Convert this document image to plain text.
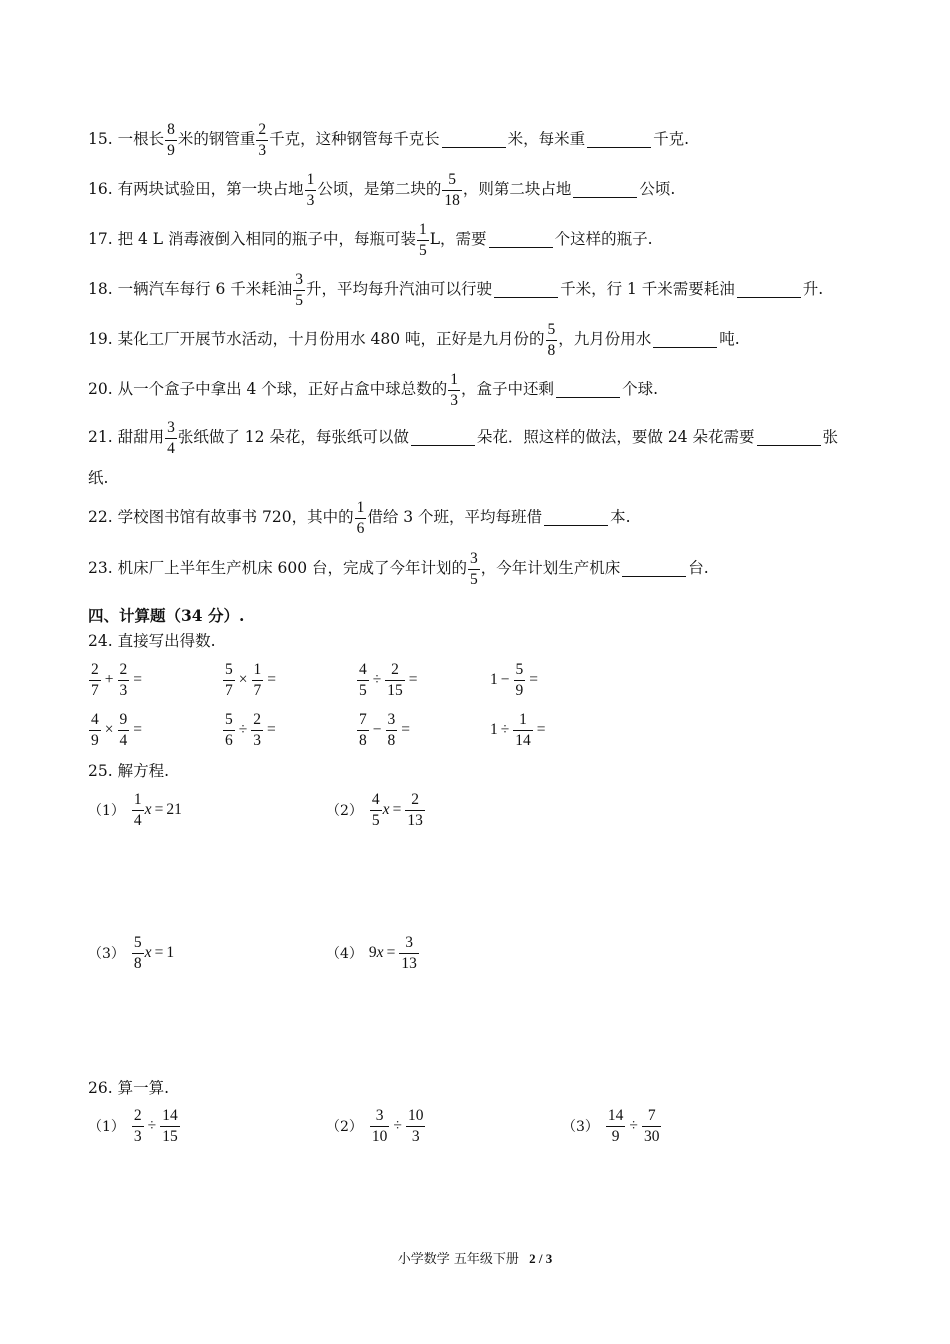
15. 一根长 $\frac{8}{9}$ 米的钢管重 $\frac{2}{3}$ 千克，这种钢管每千克长	米，每米重	千克.
16. 有两块试验田，第一块占地 $\frac{1}{3}$ 公顷，是第二块的 $\frac{5}{18}$ ，则第二块占地	公顷.
17. 把 4 L 消毒液倒入相同的瓶子中，每瓶可装 $\frac{1}{5}$ L，需要	个这样的瓶子.
18. 一辆汽车每行 6 千米耗油 $\frac{3}{5}$ 升，平均每升汽油可以行驶	千米，行 1 千米需要耗油	升.
19. 某化工厂开展节水活动，十月份用水 480 吨，正好是九月份的 $\frac{5}{8}$ ，九月份用水	吨.
20. 从一个盒子中拿出 4 个球，正好占盒中球总数的 $\frac{1}{3}$ ，盒子中还剩	个球.
21. 甜甜用 $\frac{3}{4}$ 张纸做了 12 朵花，每张纸可以做	朵花．照这样的做法，要做 24 朵花需要	张
纸.
22. 学校图书馆有故事书 720，其中的 $\frac{1}{6}$ 借给 3 个班，平均每班借	本.
23. 机床厂上半年生产机床 600 台，完成了今年计划的 $\frac{3}{5}$ ，今年计划生产机床	台.
四、计算题（34 分）.
24. 直接写出得数.
$\frac{2}{7} + \frac{2}{3}$ =	$\frac{5}{7} \times \frac{1}{7}$ =	$\frac{4}{5} \div \frac{2}{15}$ =	$1 - \frac{5}{9}$ =
$\frac{4}{9} \times \frac{9}{4}$ =	$\frac{5}{6} \div \frac{2}{3}$ =	$\frac{7}{8} - \frac{3}{8}$ =	$1 \div \frac{1}{14}$ =
25. 解方程.
$(1) \frac{1}{4}$ x = 21	$(2) \frac{4}{5}$ $x = \frac{2}{13}$
$(3) \frac{5}{8}$ x = 1	（4） 9 $x = \frac{3}{13}$
26. 算一算.
$(1) \frac{2}{3} \div \frac{14}{15}$	$(2) \frac{3}{10} \div \frac{10}{3}$	$(3) \frac{14}{9} \div \frac{7}{30}$
小学数学 五年级下册 2 / 3
